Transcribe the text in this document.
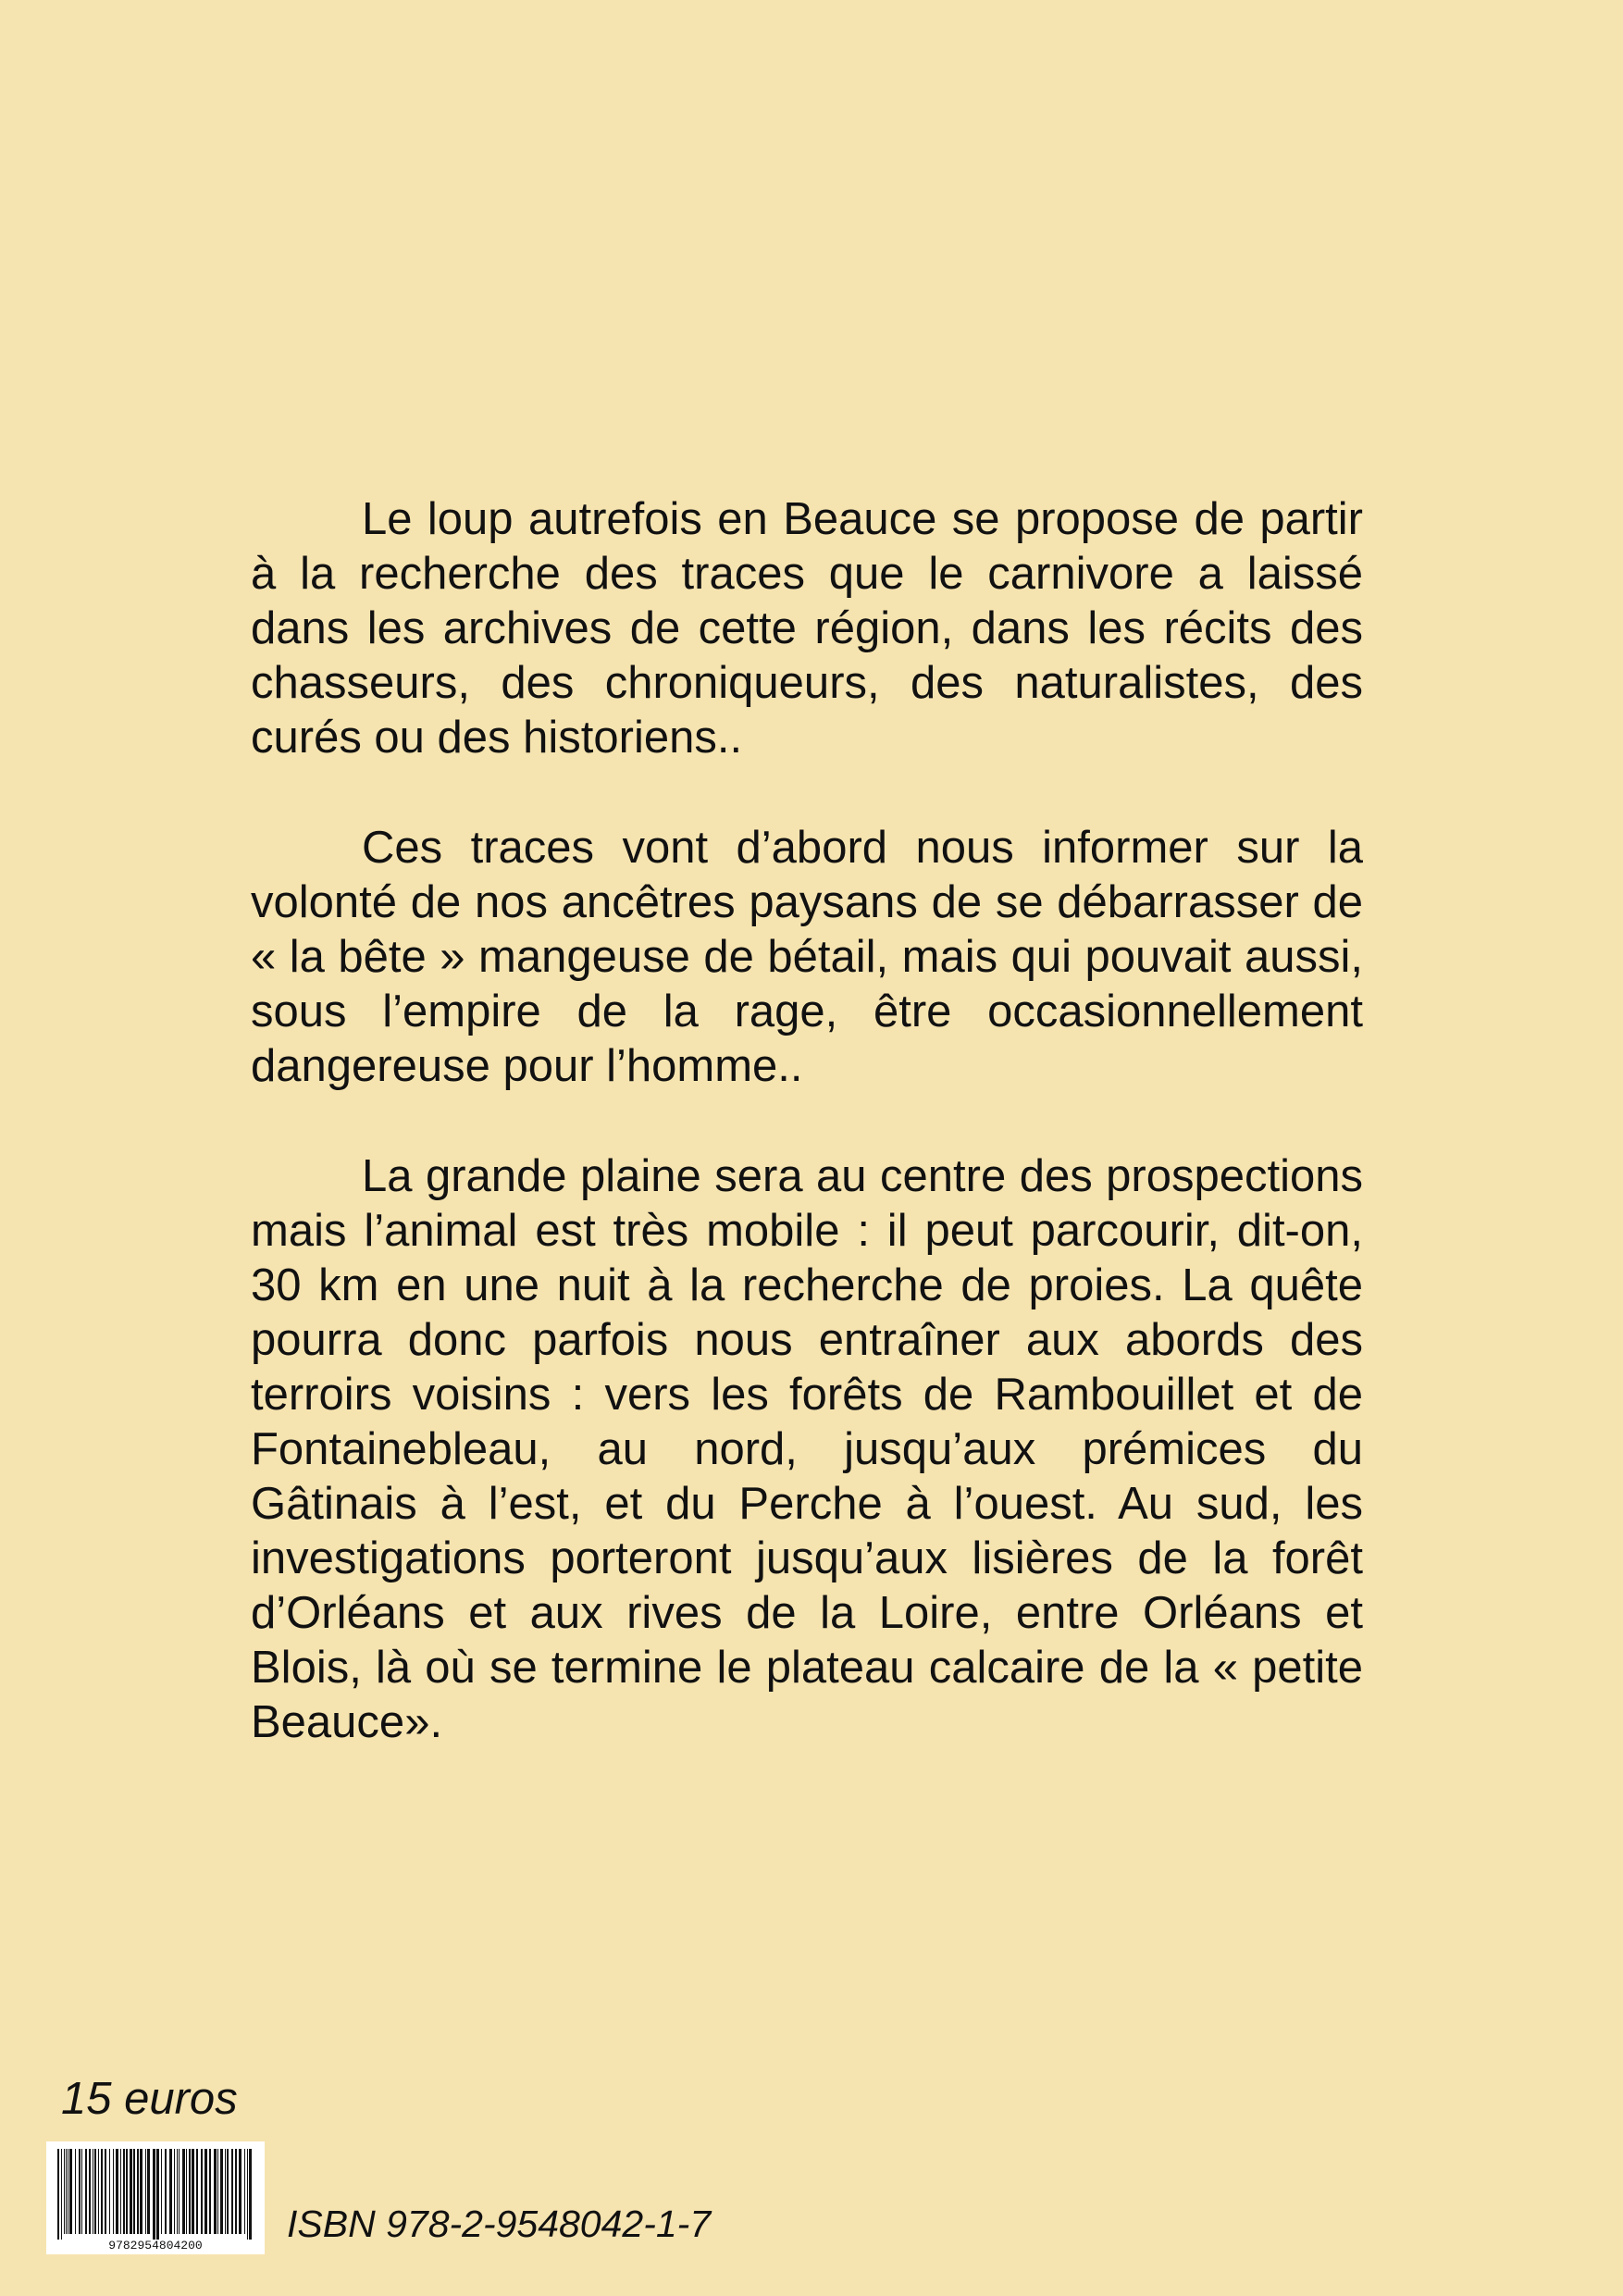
Le loup autrefois en Beauce se propose de partir à la recherche des traces que le carnivore a laissé dans les archives de cette région, dans les récits des chasseurs, des chroniqueurs, des naturalistes, des curés ou des historiens..

Ces traces vont d’abord nous informer sur la volonté de nos ancêtres paysans de se débarrasser de « la bête » mangeuse de bétail, mais qui pouvait aussi, sous l’empire de la rage, être occasionnellement dangereuse pour l’homme..

La grande plaine sera au centre des prospections mais l’animal est très mobile : il peut parcourir, dit-on, 30 km en une nuit à la recherche de proies. La quête pourra donc parfois nous entraîner aux abords des terroirs voisins : vers les forêts de Rambouillet et de Fontainebleau, au nord, jusqu’aux prémices du Gâtinais à l’est, et du Perche à l’ouest. Au sud, les investigations porteront jusqu’aux lisières de la forêt d’Orléans et aux rives de la Loire, entre Orléans et Blois, là où se termine le plateau calcaire de la « petite Beauce».

15 euros
9782954804200
ISBN 978-2-9548042-1-7
